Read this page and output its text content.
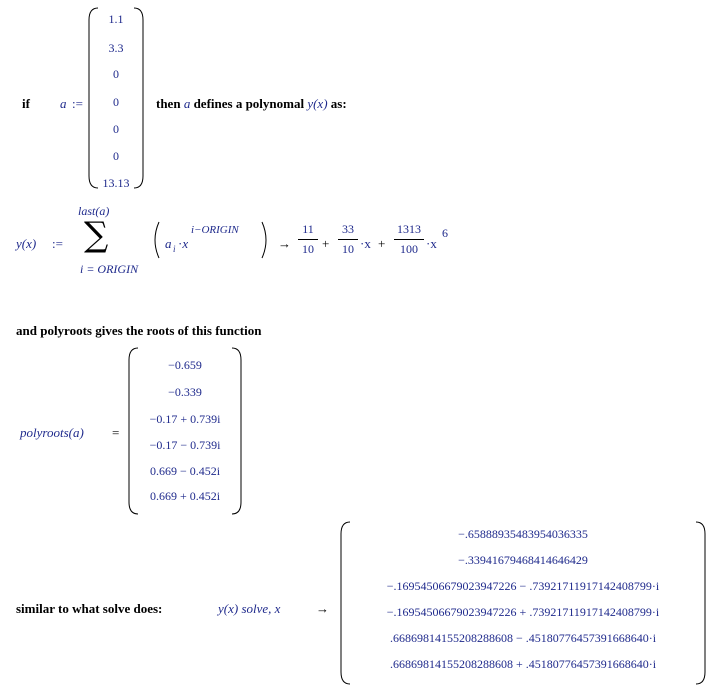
if a :=
1.1
3.3
0
0
0
0
13.13
then a defines a polynomal y(x) as:
y(x) :=
last(a)
∑
i = ORIGIN
a i ·x
i−ORIGIN
→
11
10 +
33
10 ·x +
1313
100 ·x
6
and polyroots gives the roots of this function
polyroots(a) =
−0.659
−0.339
−0.17 + 0.739i
−0.17 − 0.739i
0.669 − 0.452i
0.669 + 0.452i
similar to what solve does:	y(x) solve, x	→
−.65888935483954036335
−.33941679468414646429
−.16954506679023947226 − .73921711917142408799·i
−.16954506679023947226 + .73921711917142408799·i
.66869814155208288608 − .45180776457391668640·i
.66869814155208288608 + .45180776457391668640·i
